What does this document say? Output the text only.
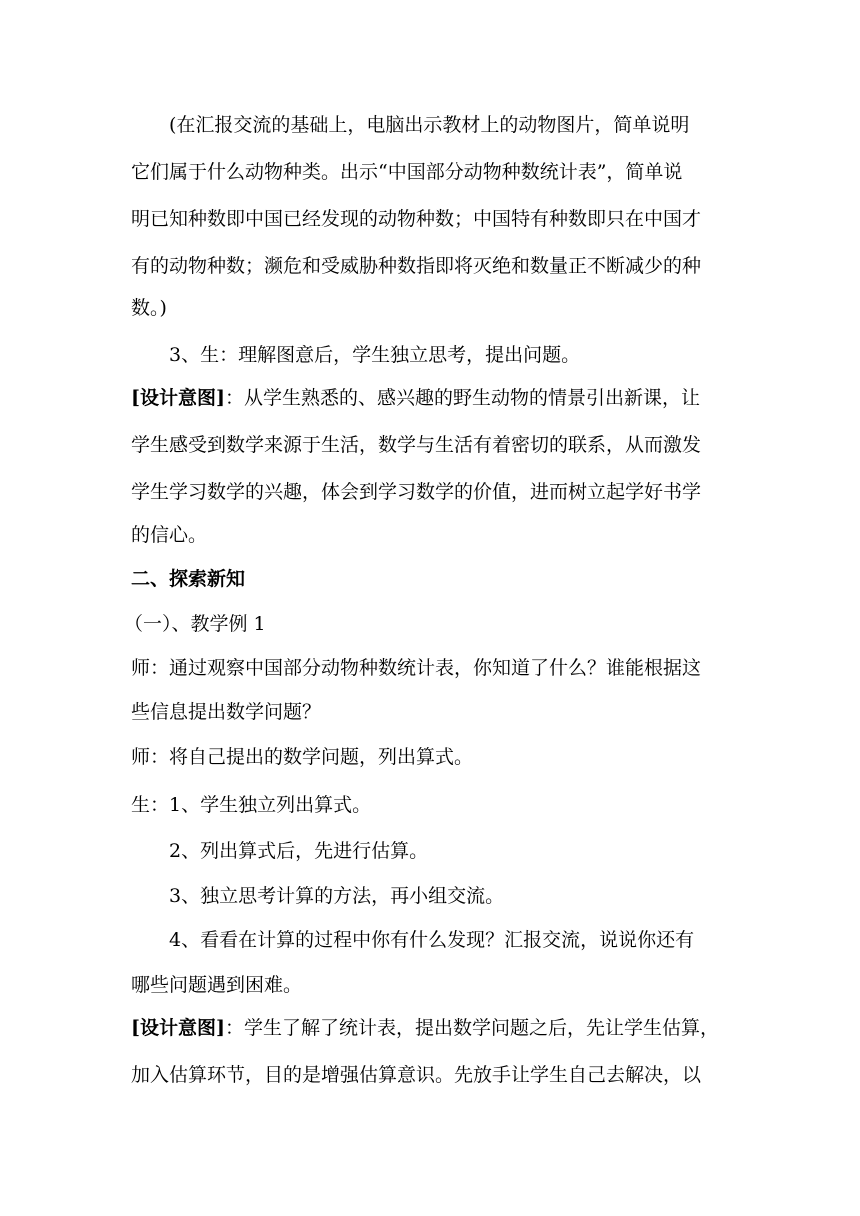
(在汇报交流的基础上，电脑出示教材上的动物图片，简单说明
它们属于什么动物种类。出示“中国部分动物种数统计表”，简单说
明已知种数即中国已经发现的动物种数；中国特有种数即只在中国才
有的动物种数；濒危和受威胁种数指即将灭绝和数量正不断减少的种
数。)
3、生：理解图意后，学生独立思考，提出问题。
[设计意图]：从学生熟悉的、感兴趣的野生动物的情景引出新课，让
学生感受到数学来源于生活，数学与生活有着密切的联系，从而激发
学生学习数学的兴趣，体会到学习数学的价值，进而树立起学好书学
的信心。
二、探索新知
（一）、教学例 1
师：通过观察中国部分动物种数统计表，你知道了什么？谁能根据这
些信息提出数学问题？
师：将自己提出的数学问题，列出算式。
生：1、学生独立列出算式。
2、列出算式后，先进行估算。
3、独立思考计算的方法，再小组交流。
4、看看在计算的过程中你有什么发现？汇报交流，说说你还有
哪些问题遇到困难。
[设计意图]：学生了解了统计表，提出数学问题之后，先让学生估算，
加入估算环节，目的是增强估算意识。先放手让学生自己去解决，以
